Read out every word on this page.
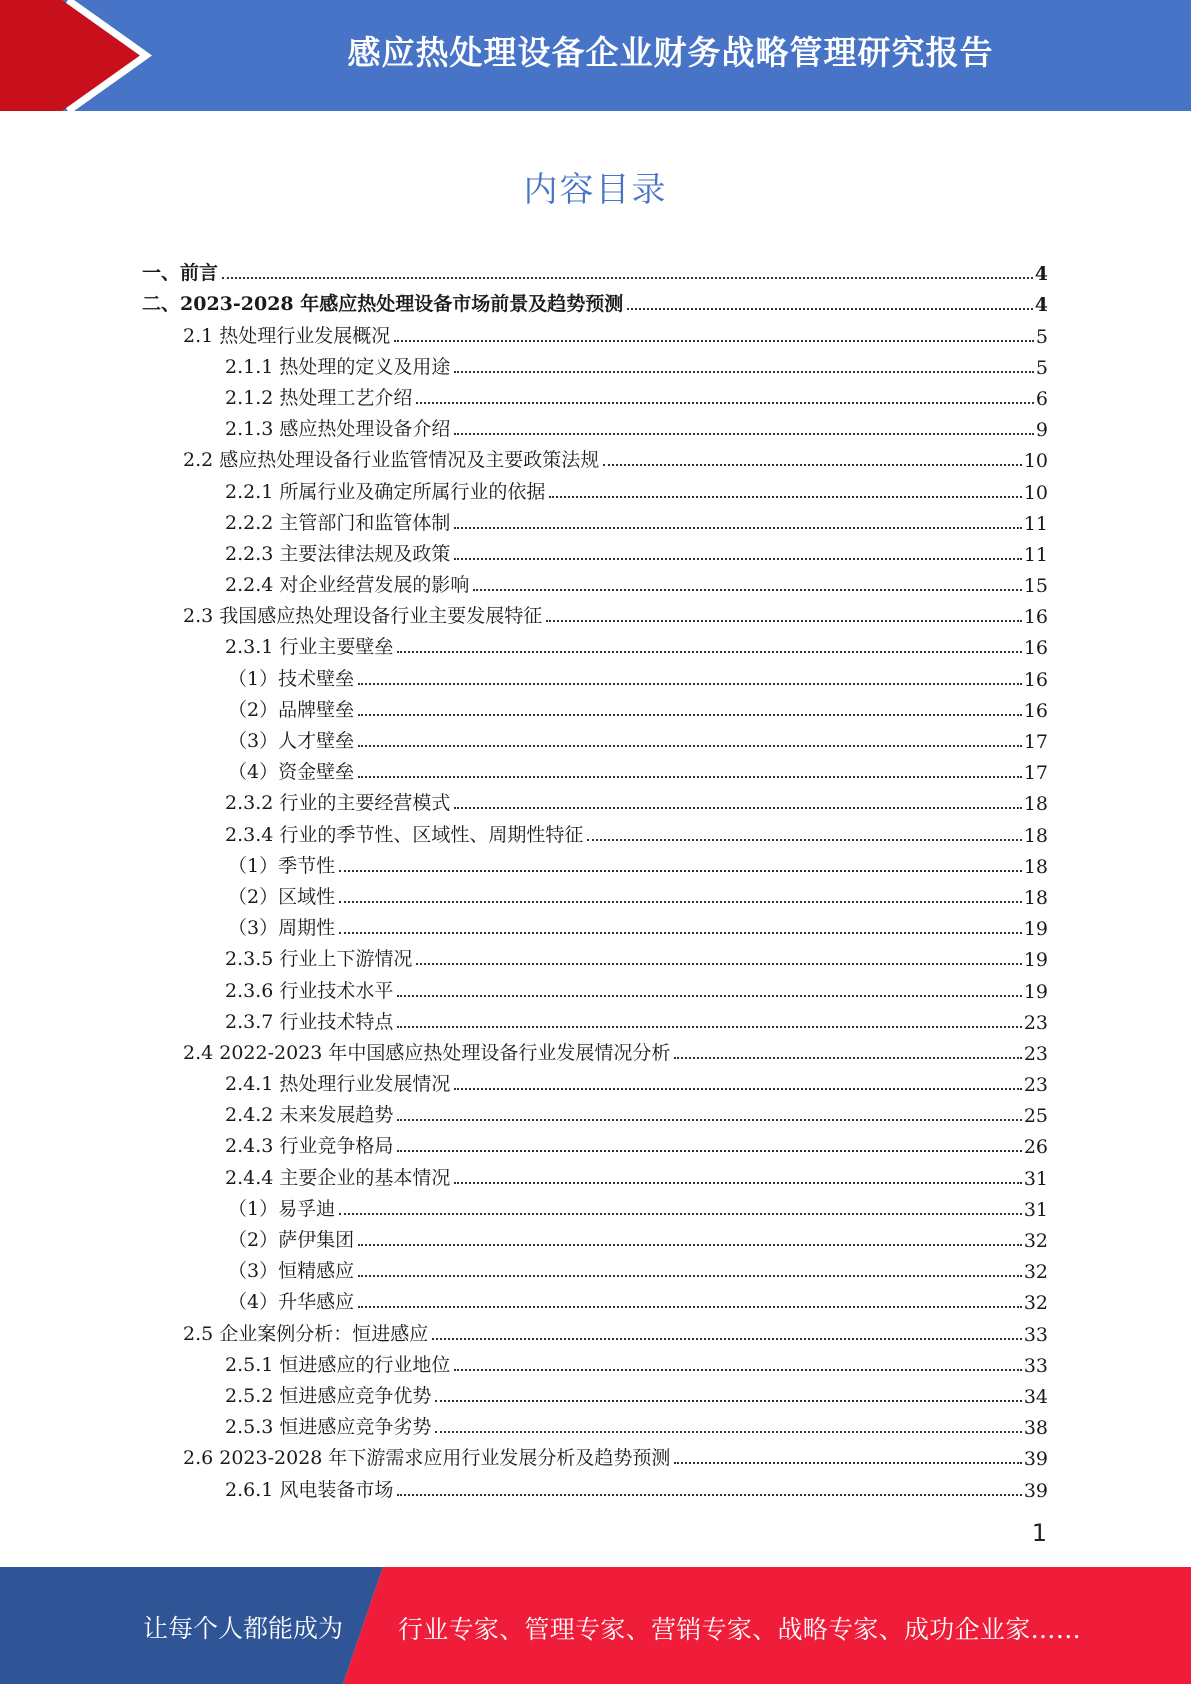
感应热处理设备企业财务战略管理研究报告
内容目录
一、前言	4
二、2023-2028 年感应热处理设备市场前景及趋势预测	4
2.1 热处理行业发展概况	5
2.1.1 热处理的定义及用途	5
2.1.2 热处理工艺介绍	6
2.1.3 感应热处理设备介绍	9
2.2 感应热处理设备行业监管情况及主要政策法规	10
2.2.1 所属行业及确定所属行业的依据	10
2.2.2 主管部门和监管体制	11
2.2.3 主要法律法规及政策	11
2.2.4 对企业经营发展的影响	15
2.3 我国感应热处理设备行业主要发展特征	16
2.3.1 行业主要壁垒	16
（1）技术壁垒	16
（2）品牌壁垒	16
（3）人才壁垒	17
（4）资金壁垒	17
2.3.2 行业的主要经营模式	18
2.3.4 行业的季节性、区域性、周期性特征	18
（1）季节性	18
（2）区域性	18
（3）周期性	19
2.3.5 行业上下游情况	19
2.3.6 行业技术水平	19
2.3.7 行业技术特点	23
2.4 2022-2023 年中国感应热处理设备行业发展情况分析	23
2.4.1 热处理行业发展情况	23
2.4.2 未来发展趋势	25
2.4.3 行业竞争格局	26
2.4.4 主要企业的基本情况	31
（1）易孚迪	31
（2）萨伊集团	32
（3）恒精感应	32
（4）升华感应	32
2.5 企业案例分析：恒进感应	33
2.5.1 恒进感应的行业地位	33
2.5.2 恒进感应竞争优势	34
2.5.3 恒进感应竞争劣势	38
2.6 2023-2028 年下游需求应用行业发展分析及趋势预测	39
2.6.1 风电装备市场	39
1
让每个人都能成为 行业专家、管理专家、营销专家、战略专家、成功企业家……
